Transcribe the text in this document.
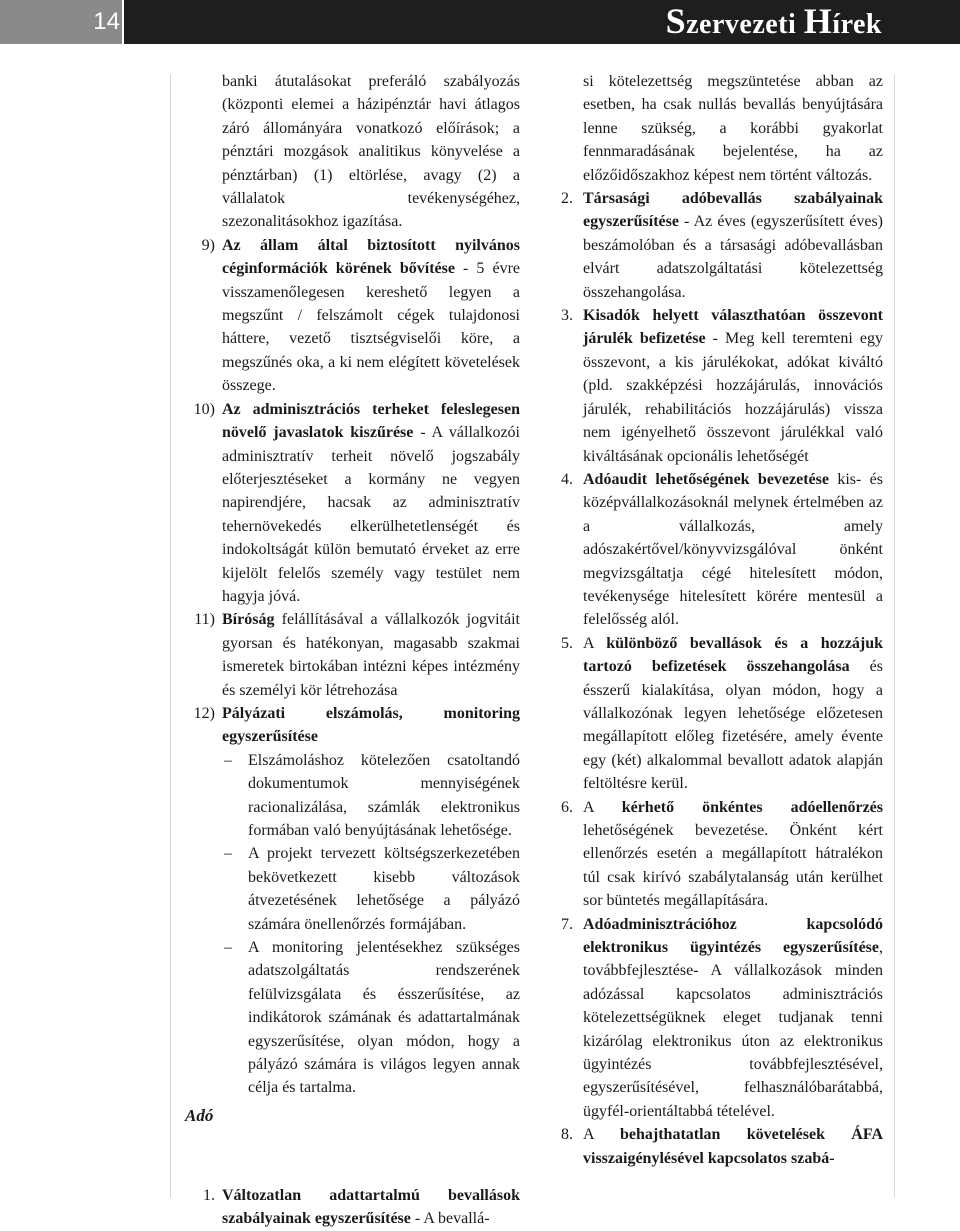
14	Szervezeti Hírek
Adó

banki átutalásokat preferáló szabályozás (központi elemei a házipénztár havi átlagos záró állományára vonatkozó előírások; a pénztári mozgások analitikus könyvelése a pénztárban) (1) eltörlése, avagy (2) a vállalatok tevékenységéhez, szezonalitásokhoz igazítása.

9) Az állam által biztosított nyilvános céginformációk körének bővítése - 5 évre visszamenőlegesen kereshető legyen a megszűnt / felszámolt cégek tulajdonosi háttere, vezető tisztségviselői köre, a megszűnés oka, a ki nem elégített követelések összege.
10) Az adminisztrációs terheket feleslegesen növelő javaslatok kiszűrése - A vállalkozói adminisztratív terheit növelő jogszabály előterjesztéseket a kormány ne vegyen napirendjére, hacsak az adminisztratív tehernövekedés elkerülhetetlenségét és indokoltságát külön bemutató érveket az erre kijelölt felelős személy vagy testület nem hagyja jóvá.
11) Bíróság felállításával a vállalkozók jogvitáit gyorsan és hatékonyan, magasabb szakmai ismeretek birtokában intézni képes intézmény és személyi kör létrehozása
12) Pályázati elszámolás, monitoring egyszerűsítése
–	Elszámoláshoz kötelezően csatoltandó dokumentumok mennyiségének racionalizálása, számlák elektronikus formában való benyújtásának lehetősége.
–	A projekt tervezett költségszerkezetében bekövetkezett kisebb változások átvezetésének lehetősége a pályázó számára önellenőrzés formájában.
–	A monitoring jelentésekhez szükséges adatszolgáltatás rendszerének felülvizsgálata és ésszerűsítése, az indikátorok számának és adattartalmának egyszerűsítése, olyan módon, hogy a pályázó számára is világos legyen annak célja és tartalma.
1. Változatlan adattartalmú bevallások szabályainak egyszerűsítése - A bevallá-

si kötelezettség megszüntetése abban az esetben, ha csak nullás bevallás benyújtására lenne szükség, a korábbi gyakorlat fennmaradásának bejelentése, ha az előzőidőszakhoz képest nem történt változás.

2. Társasági adóbevallás szabályainak egyszerűsítése - Az éves (egyszerűsített éves) beszámolóban és a társasági adóbevallásban elvárt adatszolgáltatási kötelezettség összehangolása.
3. Kisadók helyett választhatóan összevont járulék befizetése - Meg kell teremteni egy összevont, a kis járulékokat, adókat kiváltó (pld. szakképzési hozzájárulás, innovációs járulék, rehabilitációs hozzájárulás) vissza nem igényelhető összevont járulékkal való kiváltásának opcionális lehetőségét
4. Adóaudit lehetőségének bevezetése kis- és középvállalkozásoknál melynek értelmében az a vállalkozás, amely adószakértővel/könyvvizsgálóval önként megvizsgáltatja cégé hitelesített módon, tevékenysége hitelesített körére mentesül a felelősség alól.
5. A különböző bevallások és a hozzájuk tartozó befizetések összehangolása és ésszerű kialakítása, olyan módon, hogy a vállalkozónak legyen lehetősége előzetesen megállapított előleg fizetésére, amely évente egy (két) alkalommal bevallott adatok alapján feltöltésre kerül.
6. A kérhető önkéntes adóellenőrzés lehetőségének bevezetése. Önként kért ellenőrzés esetén a megállapított hátralékon túl csak kirívó szabálytalanság után kerülhet sor büntetés megállapítására.
7. Adóadminisztrációhoz kapcsolódó elektronikus ügyintézés egyszerűsítése, továbbfejlesztése- A vállalkozások minden adózással kapcsolatos adminisztrációs kötelezettségüknek eleget tudjanak tenni kizárólag elektronikus úton az elektronikus ügyintézés továbbfejlesztésével, egyszerűsítésével, felhasználóbarátabbá, ügyfél-orientáltabbá tételével.
8. A behajthatatlan követelések ÁFA visszaigénylésével kapcsolatos szabá-
